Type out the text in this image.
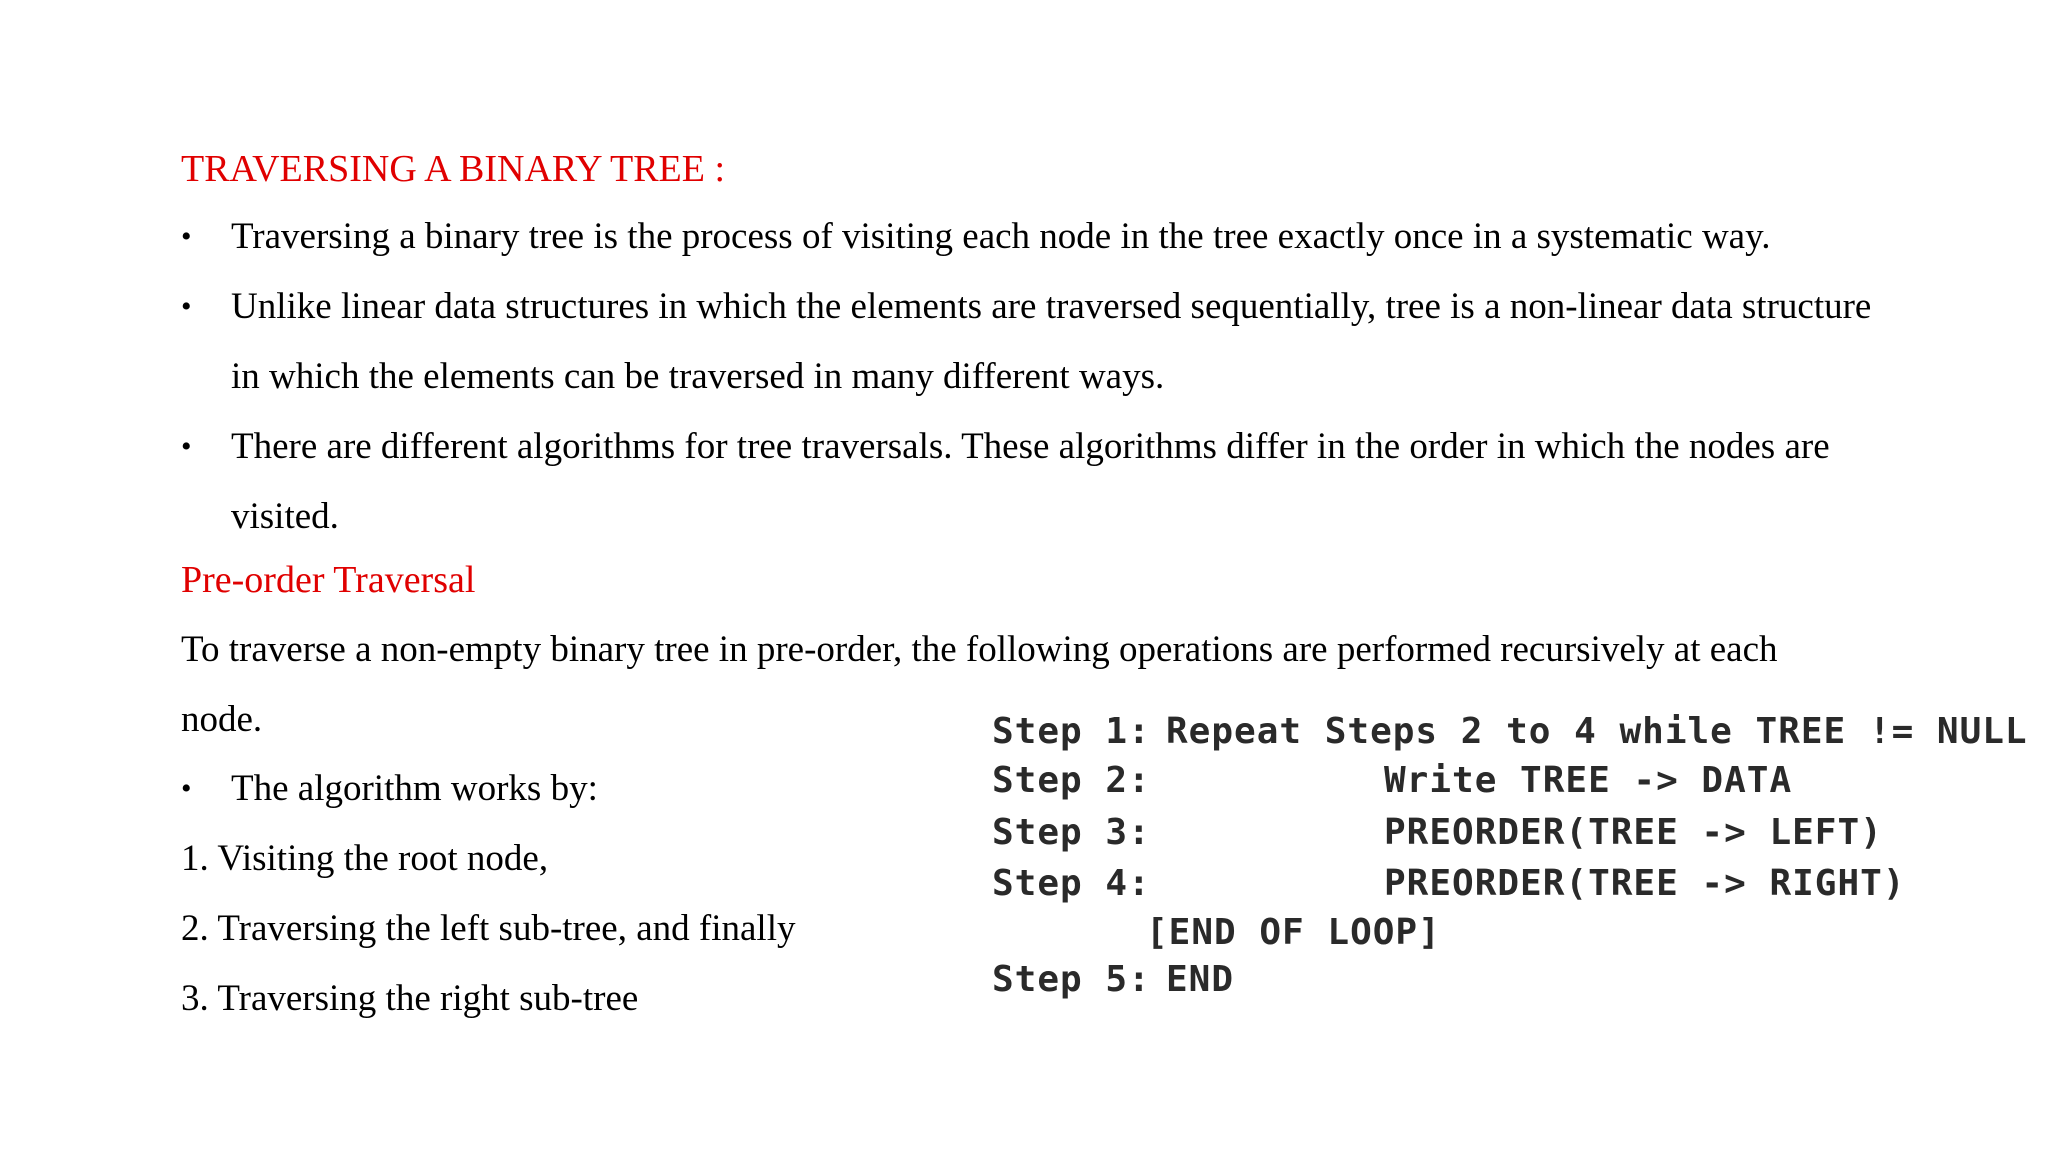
TRAVERSING A BINARY TREE :
• Traversing a binary tree is the process of visiting each node in the tree exactly once in a systematic way.
• Unlike linear data structures in which the elements are traversed sequentially, tree is a non-linear data structure
in which the elements can be traversed in many different ways.
• There are different algorithms for tree traversals. These algorithms differ in the order in which the nodes are
visited.
Pre-order Traversal
To traverse a non-empty binary tree in pre-order, the following operations are performed recursively at each
node.
• The algorithm works by:
1. Visiting the root node,
2. Traversing the left sub-tree, and finally
3. Traversing the right sub-tree
Step 1: Repeat Steps 2 to 4 while TREE != NULL
Step 2:	Write TREE -> DATA
Step 3:	PREORDER(TREE -> LEFT)
Step 4:	PREORDER(TREE -> RIGHT)
[END OF LOOP]
Step 5: END
